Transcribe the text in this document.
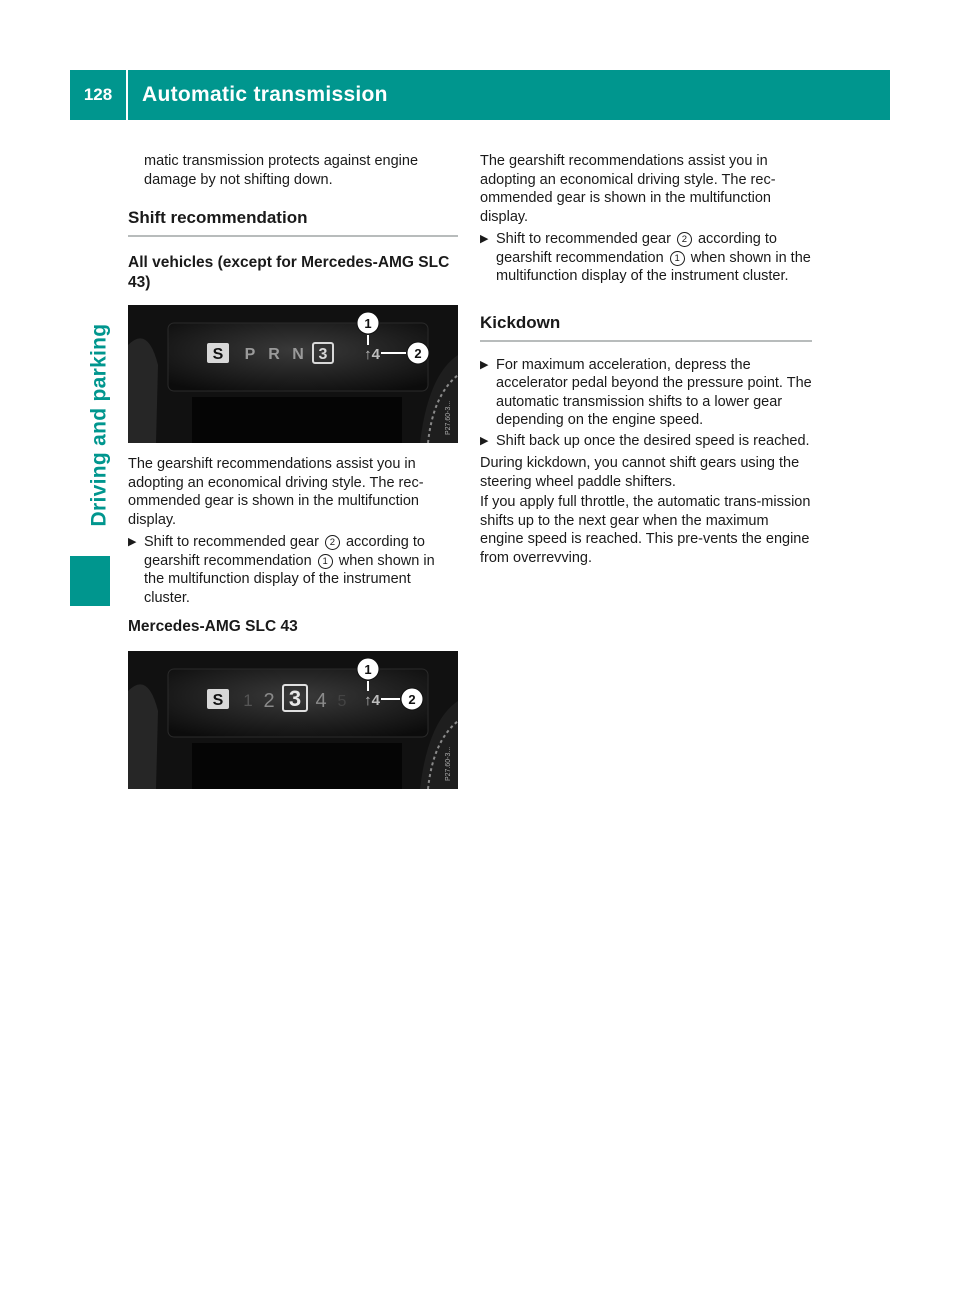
128	Automatic transmission
Driving and parking

matic transmission protects against engine damage by not shifting down.

Shift recommendation
All vehicles (except for Mercedes-AMG SLC 43)
S P R N 3 ↑4
1
2
P27.60-3...

The gearshift recommendations assist you in adopting an economical driving style. The rec-ommended gear is shown in the multifunction display.

▶ Shift to recommended gear 2 according to gearshift recommendation 1 when shown in the multifunction display of the instrument cluster.
Mercedes-AMG SLC 43
S 1 2 3 4 5 ↑4
1
2
P27.60-3...

The gearshift recommendations assist you in adopting an economical driving style. The rec-ommended gear is shown in the multifunction display.

▶ Shift to recommended gear 2 according to gearshift recommendation 1 when shown in the multifunction display of the instrument cluster.
Kickdown
▶ For maximum acceleration, depress the accelerator pedal beyond the pressure point. The automatic transmission shifts to a lower gear depending on the engine speed.
▶ Shift back up once the desired speed is reached.

During kickdown, you cannot shift gears using the steering wheel paddle shifters.

If you apply full throttle, the automatic trans-mission shifts up to the next gear when the maximum engine speed is reached. This pre-vents the engine from overrevving.
